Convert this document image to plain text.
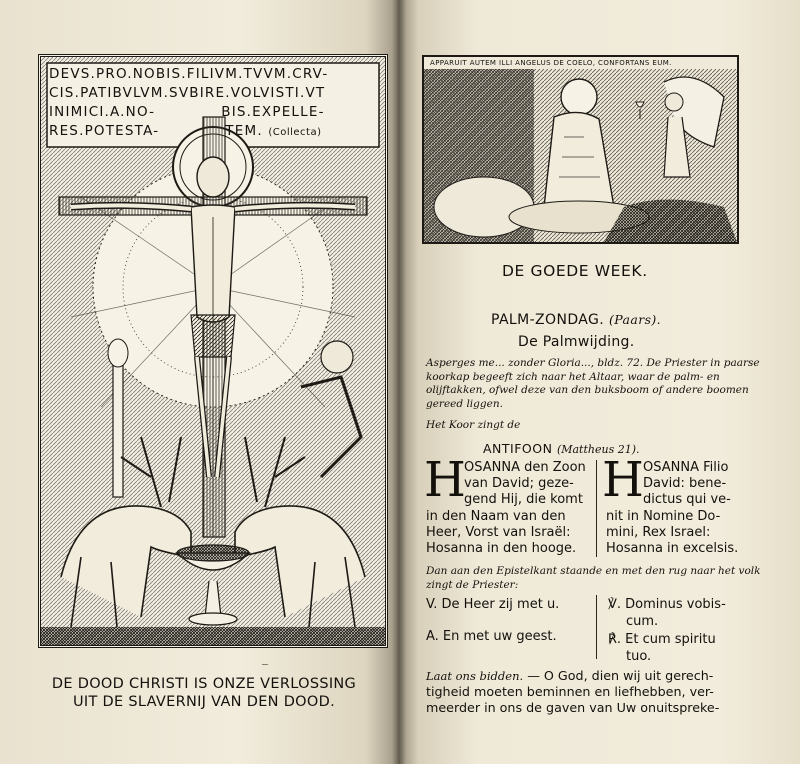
DEVS.PRO.NOBIS.FILIVM.TVVM.CRV-
CIS.PATIBVLVM.SVBIRE.VOLVISTI.VT
INIMICI.A.NO-	BIS.EXPELLE-
RES.POTESTA-	TEM. (Collecta)
–
DE DOOD CHRISTI IS ONZE VERLOSSING
UIT DE SLAVERNIJ VAN DEN DOOD.
APPARUIT AUTEM ILLI ANGELUS DE COELO, CONFORTANS EUM.

DE GOEDE WEEK.
PALM-ZONDAG. (Paars).
De Palmwijding.
Asperges me... zonder Gloria..., bldz. 72. De Priester in paarse koorkap begeeft zich naar het Altaar, waar de palm- en olijftakken, ofwel deze van den buksboom of andere boomen gereed liggen.
Het Koor zingt de
ANTIFOON (Mattheus 21).
H
OSANNA den Zoon
van David; geze-
gend Hij, die komt
in den Naam van den
Heer, Vorst van Israël:
Hosanna in den hooge.
H OSANNA Filio
David: bene-
dictus qui ve-
nit in Nomine Do-
mini, Rex Israel:
Hosanna in excelsis.
Dan aan den Epistelkant staande en met den rug naar het volk zingt de Priester:
V. De Heer zij met u.
A. En met uw geest.
℣. Dominus vobis-
cum.
℟. Et cum spiritu
tuo.
Laat ons bidden. — O God, dien wij uit gerech-
tigheid moeten beminnen en liefhebben, ver-
meerder in ons de gaven van Uw onuitspreke-
